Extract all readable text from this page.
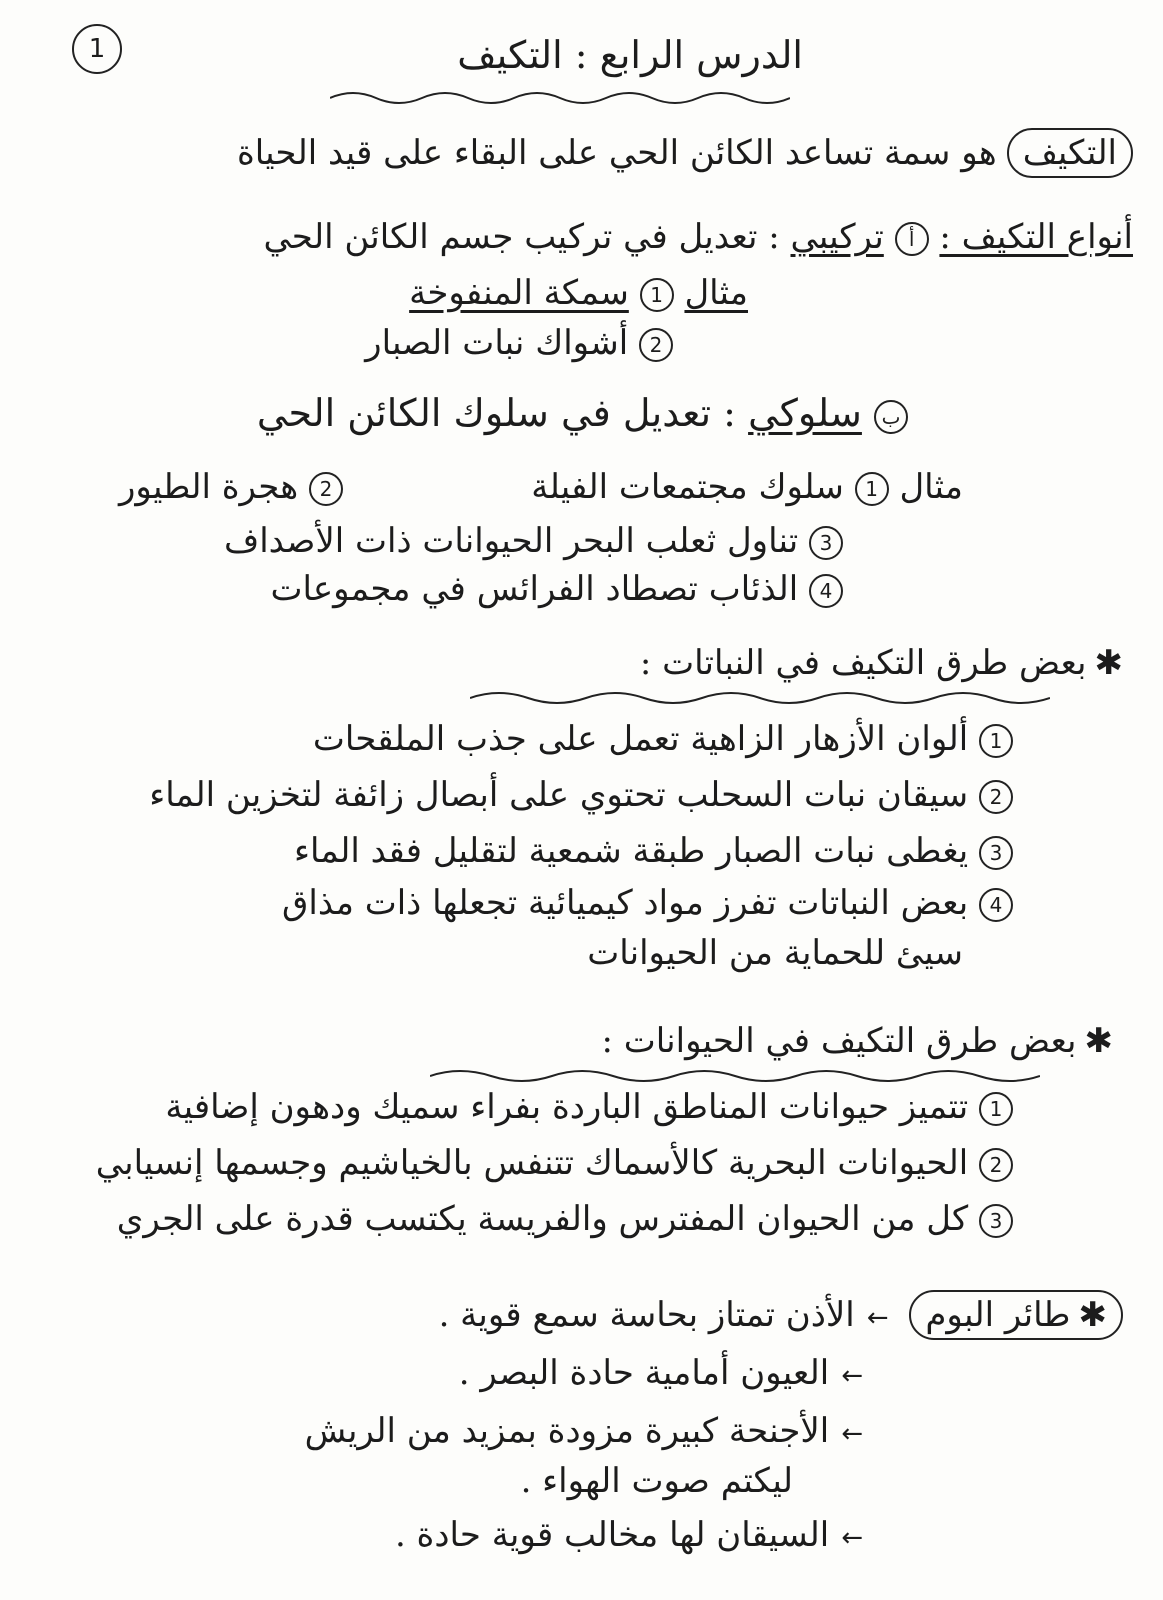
1	الدرس الرابع : التكيف
التكيفهو سمة تساعد الكائن الحي على البقاء على قيد الحياة
أنواع التكيف : أ تركيبي : تعديل في تركيب جسم الكائن الحي
مثال 1 سمكة المنفوخة
2 أشواك نبات الصبار
ب سلوكي : تعديل في سلوك الكائن الحي
مثال 1 سلوك مجتمعات الفيلة
2 هجرة الطيور
3 تناول ثعلب البحر الحيوانات ذات الأصداف
4 الذئاب تصطاد الفرائس في مجموعات
✱بعض طرق التكيف في النباتات :
1 ألوان الأزهار الزاهية تعمل على جذب الملقحات
2 سيقان نبات السحلب تحتوي على أبصال زائفة لتخزين الماء
3 يغطى نبات الصبار طبقة شمعية لتقليل فقد الماء
4 بعض النباتات تفرز مواد كيميائية تجعلها ذات مذاق
سيئ للحماية من الحيوانات
✱بعض طرق التكيف في الحيوانات :
1 تتميز حيوانات المناطق الباردة بفراء سميك ودهون إضافية
2 الحيوانات البحرية كالأسماك تتنفس بالخياشيم وجسمها إنسيابي
3 كل من الحيوان المفترس والفريسة يكتسب قدرة على الجري
✱طائر البوم ←الأذن تمتاز بحاسة سمع قوية .
←العيون أمامية حادة البصر .
←الأجنحة كبيرة مزودة بمزيد من الريش
ليكتم صوت الهواء .
←السيقان لها مخالب قوية حادة .
